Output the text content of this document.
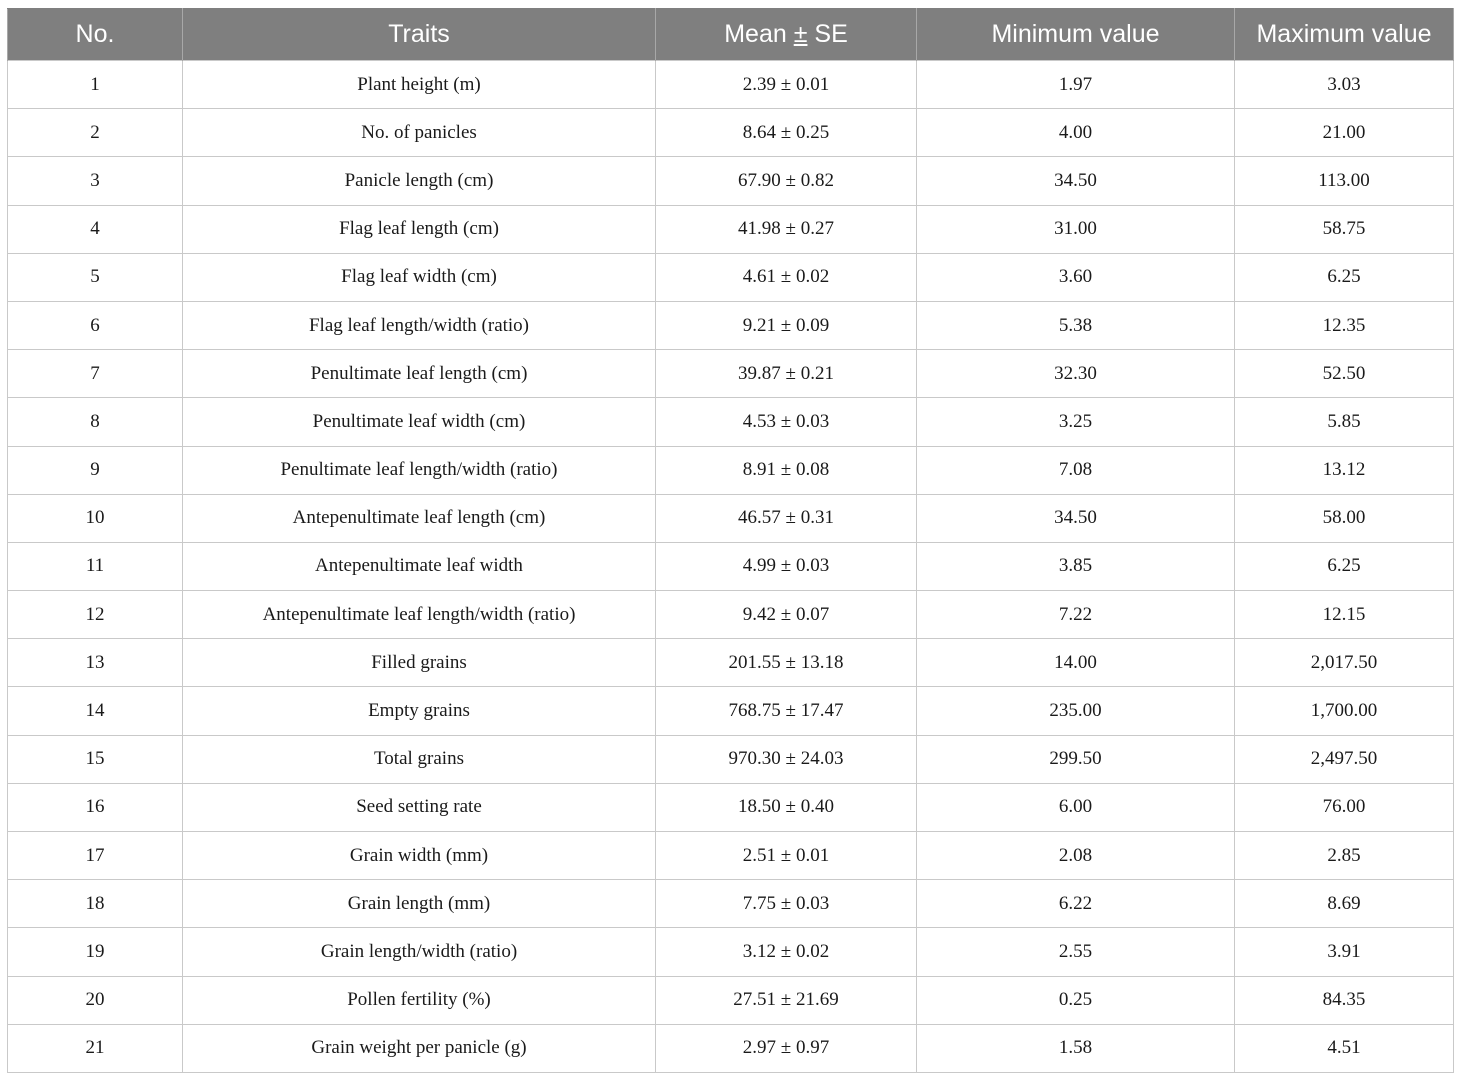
No.	Traits	Mean ± SE	Minimum value	Maximum value
1	Plant height (m)	2.39 ± 0.01	1.97	3.03
2	No. of panicles	8.64 ± 0.25	4.00	21.00
3	Panicle length (cm)	67.90 ± 0.82	34.50	113.00
4	Flag leaf length (cm)	41.98 ± 0.27	31.00	58.75
5	Flag leaf width (cm)	4.61 ± 0.02	3.60	6.25
6	Flag leaf length/width (ratio)	9.21 ± 0.09	5.38	12.35
7	Penultimate leaf length (cm)	39.87 ± 0.21	32.30	52.50
8	Penultimate leaf width (cm)	4.53 ± 0.03	3.25	5.85
9	Penultimate leaf length/width (ratio)	8.91 ± 0.08	7.08	13.12
10	Antepenultimate leaf length (cm)	46.57 ± 0.31	34.50	58.00
11	Antepenultimate leaf width	4.99 ± 0.03	3.85	6.25
12	Antepenultimate leaf length/width (ratio)	9.42 ± 0.07	7.22	12.15
13	Filled grains	201.55 ± 13.18	14.00	2,017.50
14	Empty grains	768.75 ± 17.47	235.00	1,700.00
15	Total grains	970.30 ± 24.03	299.50	2,497.50
16	Seed setting rate	18.50 ± 0.40	6.00	76.00
17	Grain width (mm)	2.51 ± 0.01	2.08	2.85
18	Grain length (mm)	7.75 ± 0.03	6.22	8.69
19	Grain length/width (ratio)	3.12 ± 0.02	2.55	3.91
20	Pollen fertility (%)	27.51 ± 21.69	0.25	84.35
21	Grain weight per panicle (g)	2.97 ± 0.97	1.58	4.51
